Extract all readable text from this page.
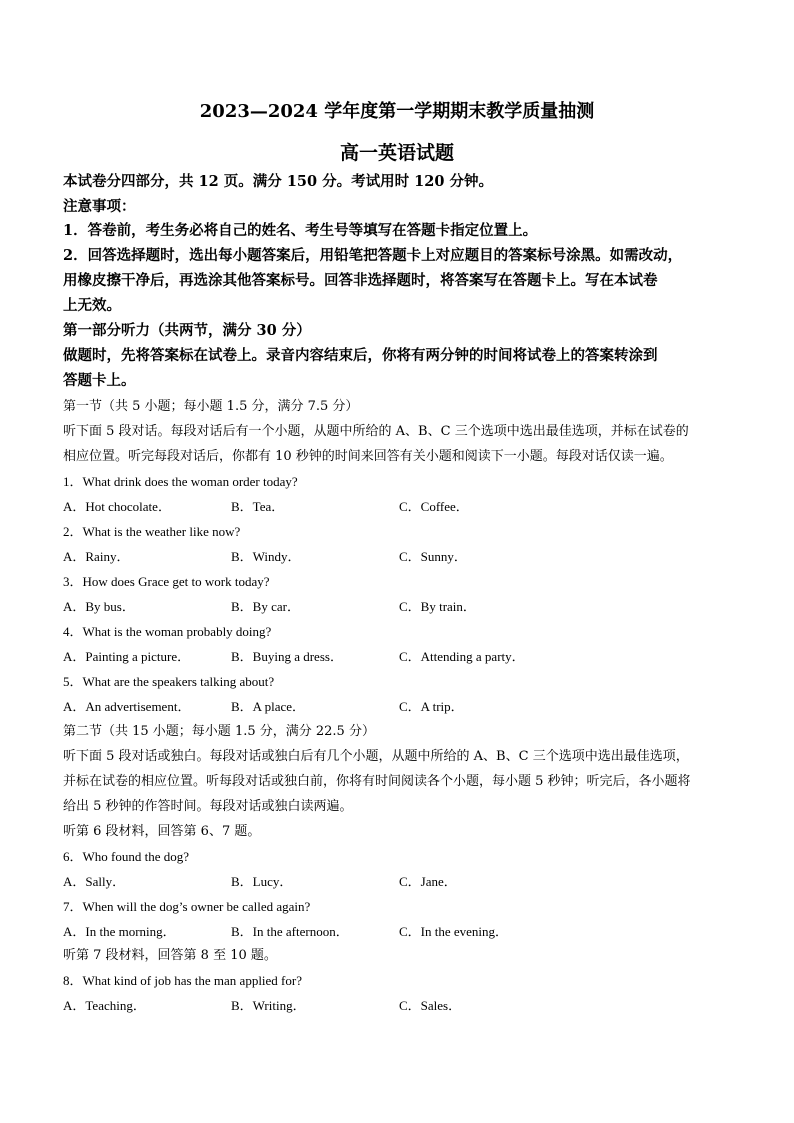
2023—2024 学年度第一学期期末教学质量抽测
高一英语试题
本试卷分四部分，共 12 页。满分 150 分。考试用时 120 分钟。
注意事项：
1．答卷前，考生务必将自己的姓名、考生号等填写在答题卡指定位置上。
2．回答选择题时，选出每小题答案后，用铅笔把答题卡上对应题目的答案标号涂黑。如需改动，
用橡皮擦干净后，再选涂其他答案标号。回答非选择题时，将答案写在答题卡上。写在本试卷
上无效。
第一部分听力（共两节，满分 30 分）
做题时，先将答案标在试卷上。录音内容结束后，你将有两分钟的时间将试卷上的答案转涂到
答题卡上。
第一节（共 5 小题；每小题 1.5 分，满分 7.5 分）
听下面 5 段对话。每段对话后有一个小题，从题中所给的 A、B、C 三个选项中选出最佳选项，并标在试卷的
相应位置。听完每段对话后，你都有 10 秒钟的时间来回答有关小题和阅读下一小题。每段对话仅读一遍。
1．What drink does the woman order today?
A．Hot chocolate．	B．Tea．	C．Coffee．
2．What is the weather like now?
A．Rainy．	B．Windy．	C．Sunny．
3．How does Grace get to work today?
A．By bus．	B．By car．	C．By train．
4．What is the woman probably doing?
A．Painting a picture．	B．Buying a dress．	C．Attending a party．
5．What are the speakers talking about?
A．An advertisement．	B．A place．	C．A trip．
第二节（共 15 小题；每小题 1.5 分，满分 22.5 分）
听下面 5 段对话或独白。每段对话或独白后有几个小题，从题中所给的 A、B、C 三个选项中选出最佳选项，
并标在试卷的相应位置。听每段对话或独白前，你将有时间阅读各个小题，每小题 5 秒钟；听完后，各小题将
给出 5 秒钟的作答时间。每段对话或独白读两遍。
听第 6 段材料，回答第 6、7 题。
6．Who found the dog?
A．Sally．	B．Lucy．	C．Jane．
7．When will the dog’s owner be called again?
A．In the morning．	B．In the afternoon．	C．In the evening．
听第 7 段材料，回答第 8 至 10 题。
8．What kind of job has the man applied for?
A．Teaching．	B．Writing．	C．Sales．
